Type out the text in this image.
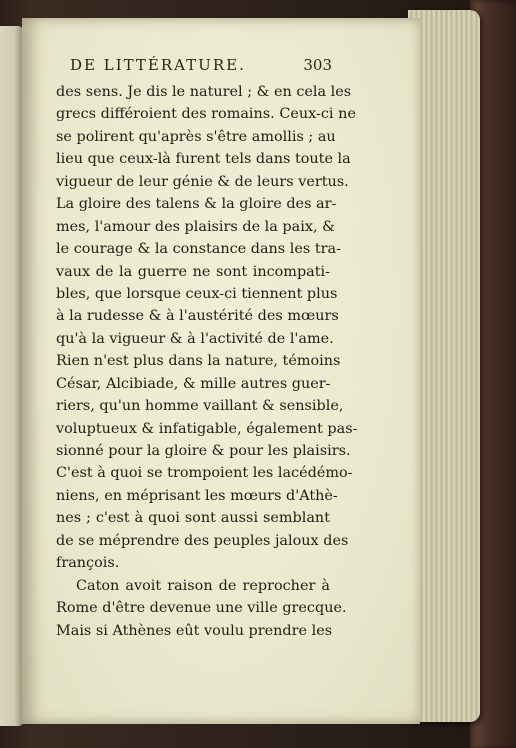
DE LITTÉRATURE.	303
des sens. Je dis le naturel ; & en cela les
grecs différoient des romains. Ceux-ci ne
se polirent qu'après s'être amollis ; au
lieu que ceux-là furent tels dans toute la
vigueur de leur génie & de leurs vertus.
La gloire des talens & la gloire des ar-
mes, l'amour des plaisirs de la paix, &
le courage & la constance dans les tra-
vaux de la guerre ne sont incompati-
bles, que lorsque ceux-ci tiennent plus
à la rudesse & à l'austérité des mœurs
qu'à la vigueur & à l'activité de l'ame.
Rien n'est plus dans la nature, témoins
César, Alcibiade, & mille autres guer-
riers, qu'un homme vaillant & sensible,
voluptueux & infatigable, également pas-
sionné pour la gloire & pour les plaisirs.
C'est à quoi se trompoient les lacédémo-
niens, en méprisant les mœurs d'Athè-
nes ; c'est à quoi sont aussi semblant
de se méprendre des peuples jaloux des
françois.
Caton avoit raison de reprocher à
Rome d'être devenue une ville grecque.
Mais si Athènes eût voulu prendre les
